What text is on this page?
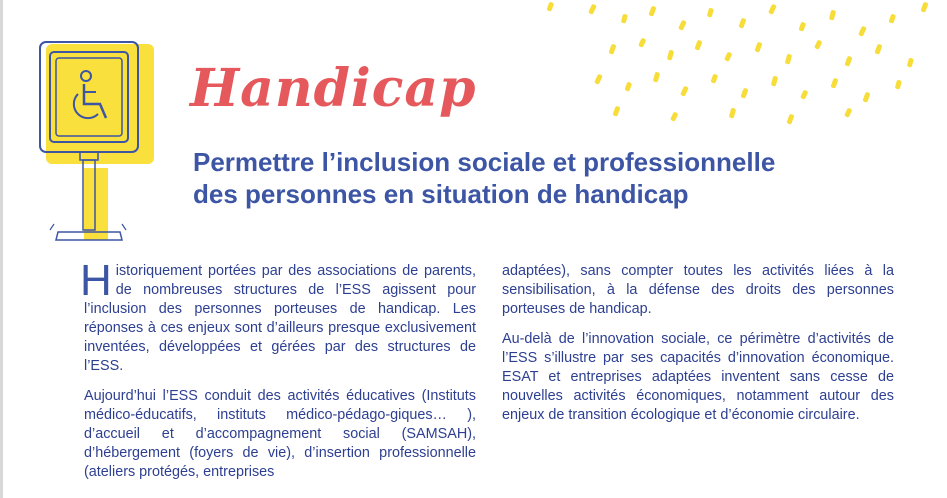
Handicap
Permettre l’inclusion sociale et professionnelle
des personnes en situation de handicap

Historiquement portées par des associations de parents, de nombreuses structures de l’ESS agissent pour l’inclusion des personnes porteuses de handicap. Les réponses à ces enjeux sont d’ailleurs presque exclusivement inventées, développées et gérées par des structures de l’ESS.

Aujourd’hui l’ESS conduit des activités éducatives (Instituts médico-éducatifs, instituts médico-pédago-giques… ), d’accueil et d’accompagnement social (SAMSAH), d’hébergement (foyers de vie), d’insertion professionnelle (ateliers protégés, entreprises

adaptées), sans compter toutes les activités liées à la sensibilisation, à la défense des droits des personnes porteuses de handicap.

Au-delà de l’innovation sociale, ce périmètre d’activités de l’ESS s’illustre par ses capacités d’innovation économique. ESAT et entreprises adaptées inventent sans cesse de nouvelles activités économiques, notamment autour des enjeux de transition écologique et d’économie circulaire.
